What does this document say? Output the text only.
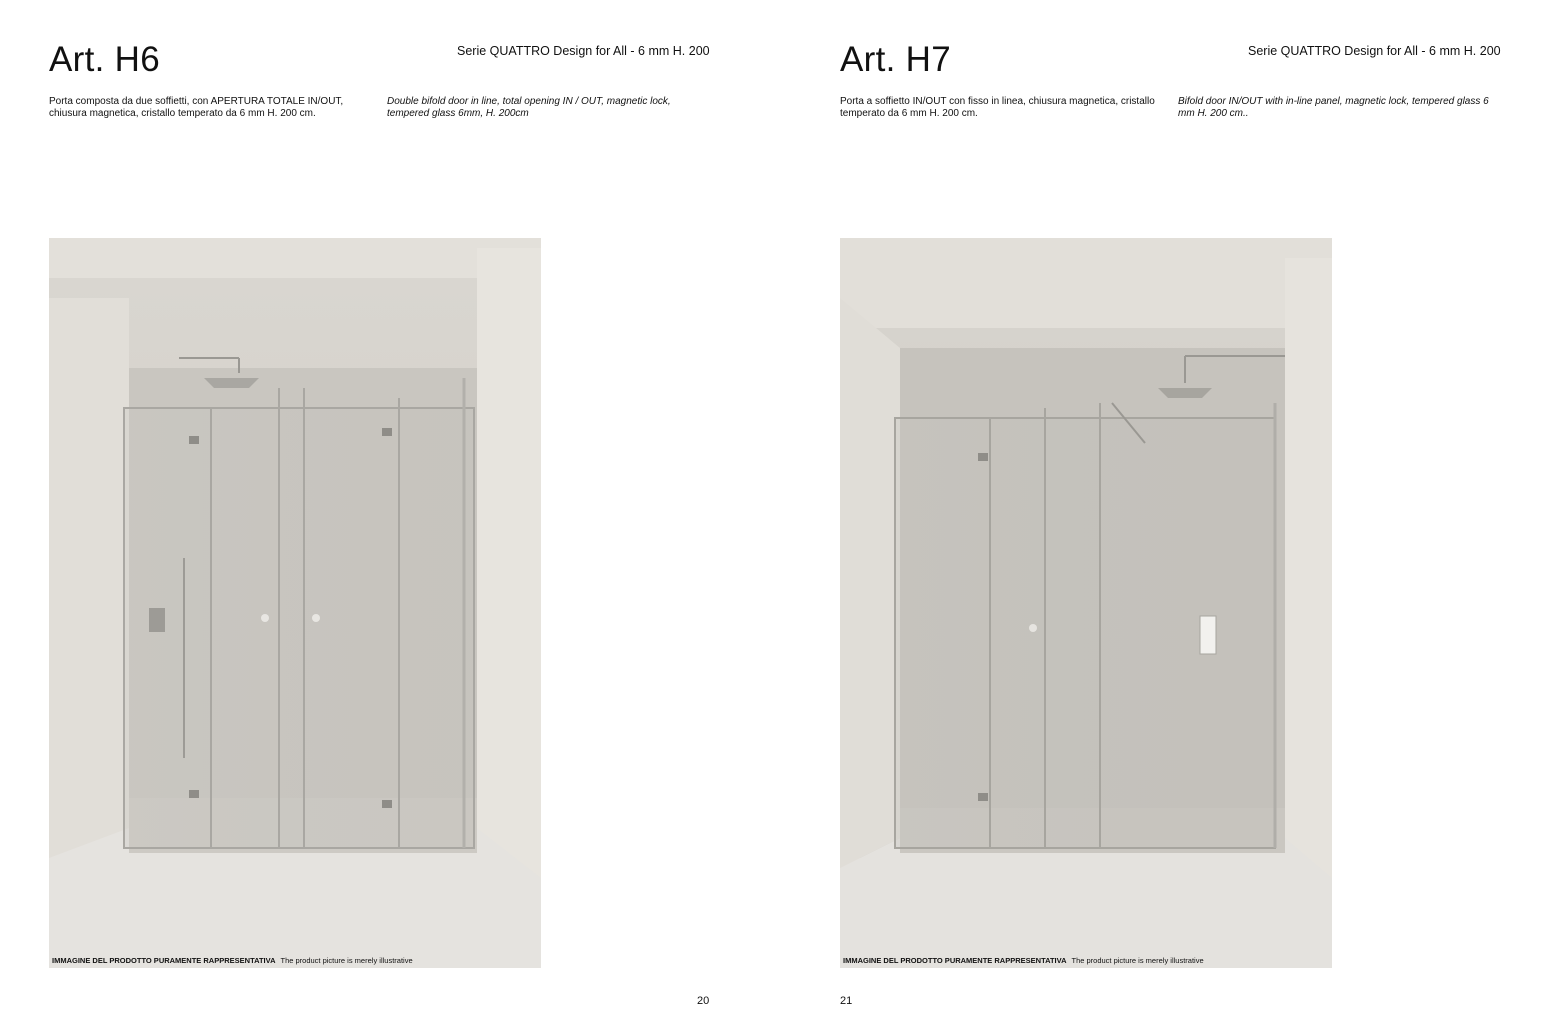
Art. H6	Serie QUATTRO Design for All - 6 mm H. 200

Porta composta da due soffietti, con APERTURA TOTALE IN/OUT, chiusura magnetica, cristallo temperato da 6 mm H. 200 cm.

Double bifold door in line, total opening IN / OUT, magnetic lock, tempered glass 6mm, H. 200cm

IMMAGINE DEL PRODOTTO PURAMENTE RAPPRESENTATIVA The product picture is merely illustrative
20
Art. H7	Serie QUATTRO Design for All - 6 mm H. 200

Porta a soffietto IN/OUT con fisso in linea, chiusura magnetica, cristallo temperato da 6 mm H. 200 cm.

Bifold door IN/OUT with in-line panel, magnetic lock, tempered glass 6 mm H. 200 cm..

IMMAGINE DEL PRODOTTO PURAMENTE RAPPRESENTATIVA The product picture is merely illustrative
21
